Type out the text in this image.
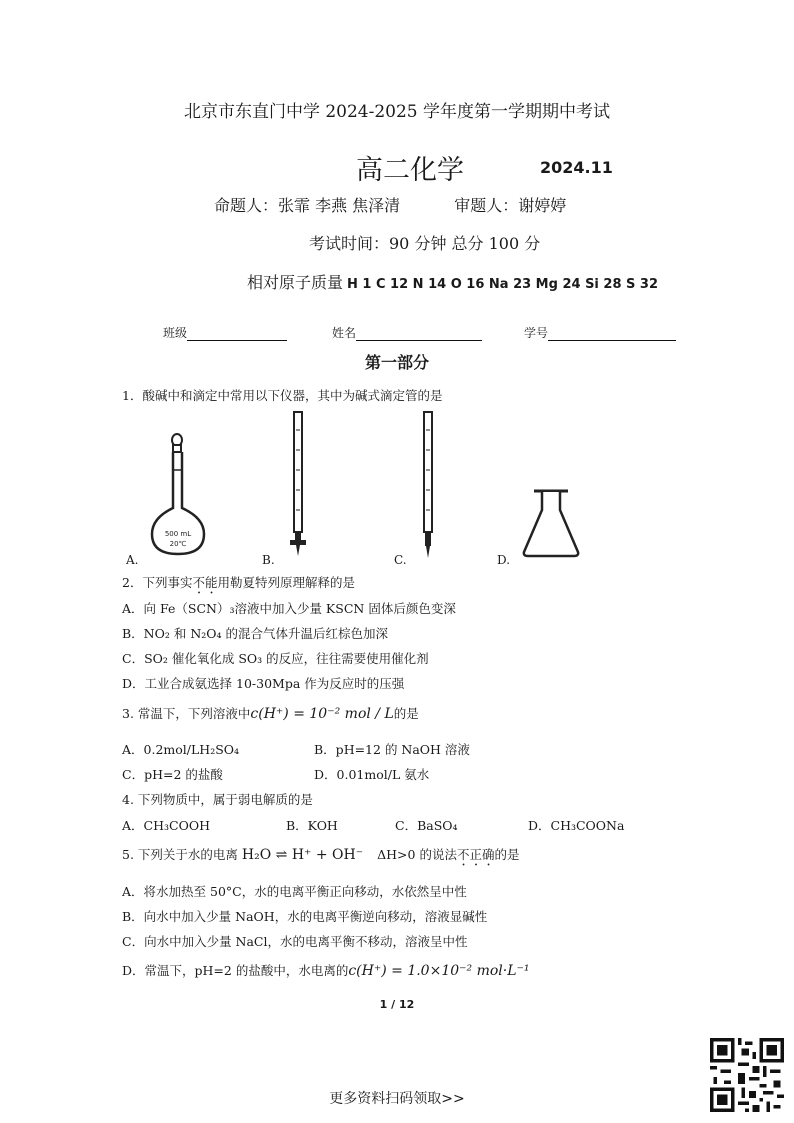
北京市东直门中学 2024-2025 学年度第一学期期中考试
高二化学	2024.11
命题人：张霏 李燕 焦泽清	审题人：谢婷婷
考试时间：90 分钟 总分 100 分
相对原子质量 H 1 C 12 N 14 O 16 Na 23 Mg 24 Si 28 S 32
班级	姓名	学号
第一部分
1．酸碱中和滴定中常用以下仪器，其中为碱式滴定管的是
500 mL
20℃
A.	B.	C.	D.
2．下列事实不能用勒夏特列原理解释的是
A．向 Fe（SCN）₃溶液中加入少量 KSCN 固体后颜色变深
B．NO₂ 和 N₂O₄ 的混合气体升温后红棕色加深
C．SO₂ 催化氧化成 SO₃ 的反应，往往需要使用催化剂
D．工业合成氨选择 10-30Mpa 作为反应时的压强
3. 常温下，下列溶液中c(H⁺) = 10⁻² mol / L的是
A．0.2mol/LH₂SO₄	B．pH=12 的 NaOH 溶液
C．pH=2 的盐酸	D．0.01mol/L 氨水
4. 下列物质中，属于弱电解质的是
A．CH₃COOH	B．KOH	C．BaSO₄	D．CH₃COONa
5. 下列关于水的电离 H₂O ⇌ H⁺ + OH⁻ ΔH>0 的说法不正确的是
A．将水加热至 50°C，水的电离平衡正向移动，水依然呈中性
B．向水中加入少量 NaOH，水的电离平衡逆向移动，溶液显碱性
C．向水中加入少量 NaCl，水的电离平衡不移动，溶液呈中性
D．常温下，pH=2 的盐酸中，水电离的c(H⁺) = 1.0×10⁻² mol·L⁻¹
1 / 12
更多资料扫码领取>>
